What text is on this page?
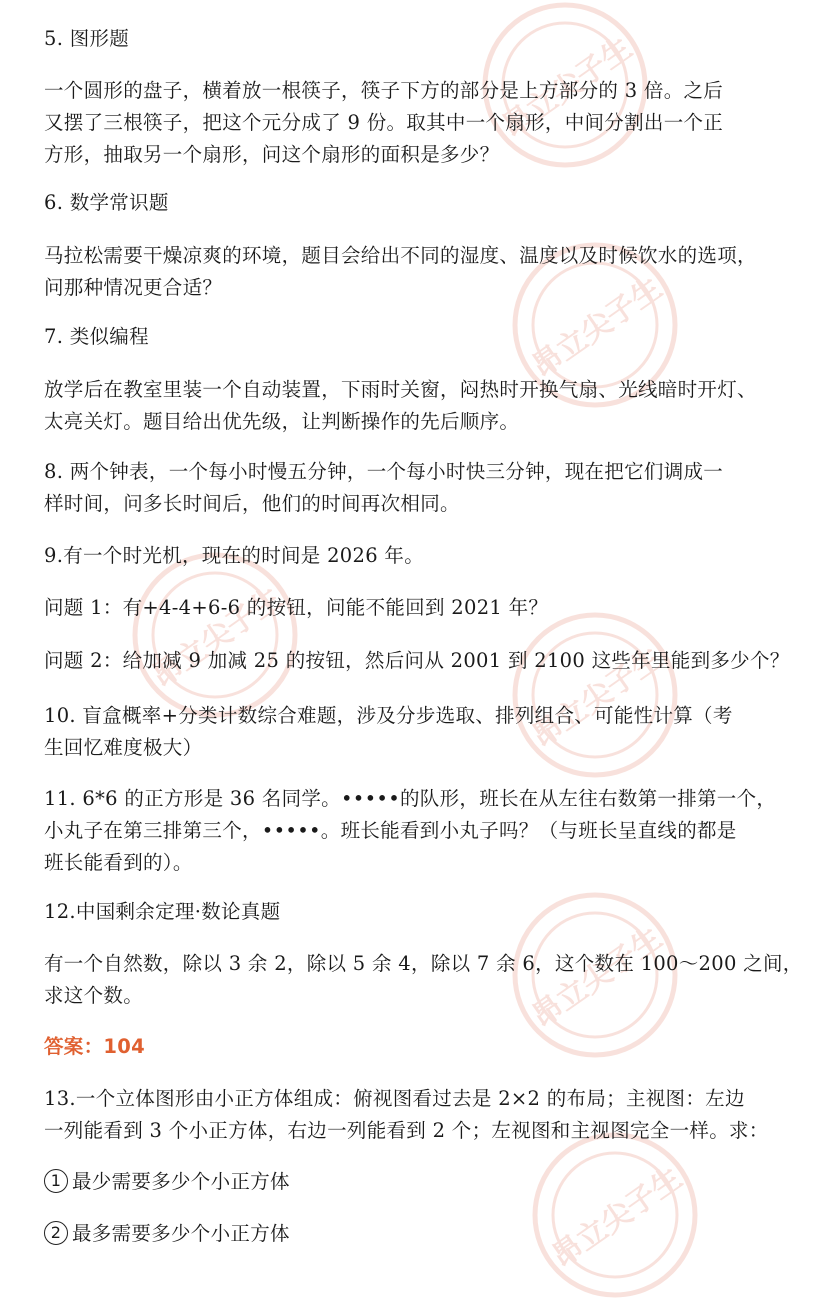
昂立尖子生
昂立尖子生
昂立尖子生
昂立尖子生
昂立尖子生
昂立尖子生
5. 图形题
一个圆形的盘子，横着放一根筷子，筷子下方的部分是上方部分的 3 倍。之后
又摆了三根筷子，把这个元分成了 9 份。取其中一个扇形，中间分割出一个正
方形，抽取另一个扇形，问这个扇形的面积是多少？
6. 数学常识题
马拉松需要干燥凉爽的环境，题目会给出不同的湿度、温度以及时候饮水的选项，
问那种情况更合适？
7. 类似编程
放学后在教室里装一个自动装置，下雨时关窗，闷热时开换气扇、光线暗时开灯、
太亮关灯。题目给出优先级，让判断操作的先后顺序。
8. 两个钟表，一个每小时慢五分钟，一个每小时快三分钟，现在把它们调成一
样时间，问多长时间后，他们的时间再次相同。
9.有一个时光机，现在的时间是 2026 年。
问题 1：有+4-4+6-6 的按钮，问能不能回到 2021 年？
问题 2：给加减 9 加减 25 的按钮，然后问从 2001 到 2100 这些年里能到多少个？
10. 盲盒概率+分类计数综合难题，涉及分步选取、排列组合、可能性计算（考
生回忆难度极大）
11. 6*6 的正方形是 36 名同学。•••••的队形，班长在从左往右数第一排第一个，
小丸子在第三排第三个，•••••。班长能看到小丸子吗？（与班长呈直线的都是
班长能看到的）。
12.中国剩余定理·数论真题
有一个自然数，除以 3 余 2，除以 5 余 4，除以 7 余 6，这个数在 100～200 之间，
求这个数。
答案：104
13.一个立体图形由小正方体组成：俯视图看过去是 2×2 的布局；主视图：左边
一列能看到 3 个小正方体，右边一列能看到 2 个；左视图和主视图完全一样。求：
1 最少需要多少个小正方体
2 最多需要多少个小正方体
